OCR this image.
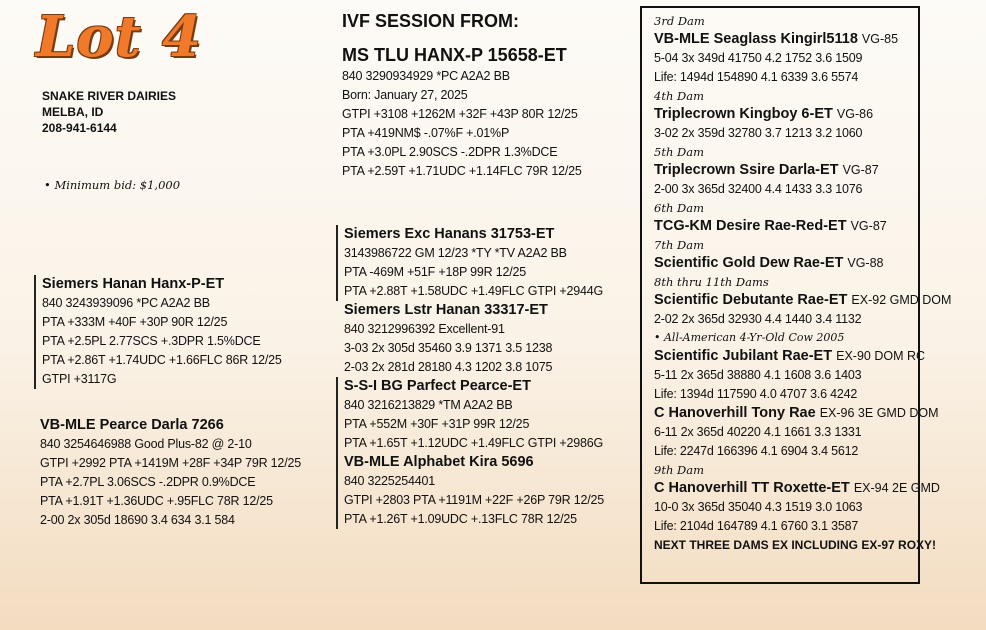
Lot 4
SNAKE RIVER DAIRIES
MELBA, ID
208-941-6144
• Minimum bid: $1,000
Siemers Hanan Hanx-P-ET
840 3243939096 *PC A2A2 BB
PTA +333M +40F +30P 90R 12/25
PTA +2.5PL 2.77SCS +.3DPR 1.5%DCE
PTA +2.86T +1.74UDC +1.66FLC 86R 12/25
GTPI +3117G
VB-MLE Pearce Darla 7266
840 3254646988 Good Plus-82 @ 2-10
GTPI +2992 PTA +1419M +28F +34P 79R 12/25
PTA +2.7PL 3.06SCS -.2DPR 0.9%DCE
PTA +1.91T +1.36UDC +.95FLC 78R 12/25
2-00 2x 305d 18690 3.4 634 3.1 584
IVF SESSION FROM:
MS TLU HANX-P 15658-ET
840 3290934929 *PC A2A2 BB
Born: January 27, 2025
GTPI +3108 +1262M +32F +43P 80R 12/25
PTA +419NM$ -.07%F +.01%P
PTA +3.0PL 2.90SCS -.2DPR 1.3%DCE
PTA +2.59T +1.71UDC +1.14FLC 79R 12/25
Siemers Exc Hanans 31753-ET
3143986722 GM 12/23 *TY *TV A2A2 BB
PTA -469M +51F +18P 99R 12/25
PTA +2.88T +1.58UDC +1.49FLC GTPI +2944G
Siemers Lstr Hanan 33317-ET
840 3212996392 Excellent-91
3-03 2x 305d 35460 3.9 1371 3.5 1238
2-03 2x 281d 28180 4.3 1202 3.8 1075
S-S-I BG Parfect Pearce-ET
840 3216213829 *TM A2A2 BB
PTA +552M +30F +31P 99R 12/25
PTA +1.65T +1.12UDC +1.49FLC GTPI +2986G
VB-MLE Alphabet Kira 5696
840 3225254401
GTPI +2803 PTA +1191M +22F +26P 79R 12/25
PTA +1.26T +1.09UDC +.13FLC 78R 12/25
3rd Dam
VB-MLE Seaglass Kingirl5118 VG-85
5-04 3x 349d 41750 4.2 1752 3.6 1509
Life: 1494d 154890 4.1 6339 3.6 5574
4th Dam
Triplecrown Kingboy 6-ET VG-86
3-02 2x 359d 32780 3.7 1213 3.2 1060
5th Dam
Triplecrown Ssire Darla-ET VG-87
2-00 3x 365d 32400 4.4 1433 3.3 1076
6th Dam
TCG-KM Desire Rae-Red-ET VG-87
7th Dam
Scientific Gold Dew Rae-ET VG-88
8th thru 11th Dams
Scientific Debutante Rae-ET EX-92 GMD DOM
2-02 2x 365d 32930 4.4 1440 3.4 1132
• All-American 4-Yr-Old Cow 2005
Scientific Jubilant Rae-ET EX-90 DOM RC
5-11 2x 365d 38880 4.1 1608 3.6 1403
Life: 1394d 117590 4.0 4707 3.6 4242
C Hanoverhill Tony Rae EX-96 3E GMD DOM
6-11 2x 365d 40220 4.1 1661 3.3 1331
Life: 2247d 166396 4.1 6904 3.4 5612
9th Dam
C Hanoverhill TT Roxette-ET EX-94 2E GMD
10-0 3x 365d 35040 4.3 1519 3.0 1063
Life: 2104d 164789 4.1 6760 3.1 3587
NEXT THREE DAMS EX INCLUDING EX-97 ROXY!
